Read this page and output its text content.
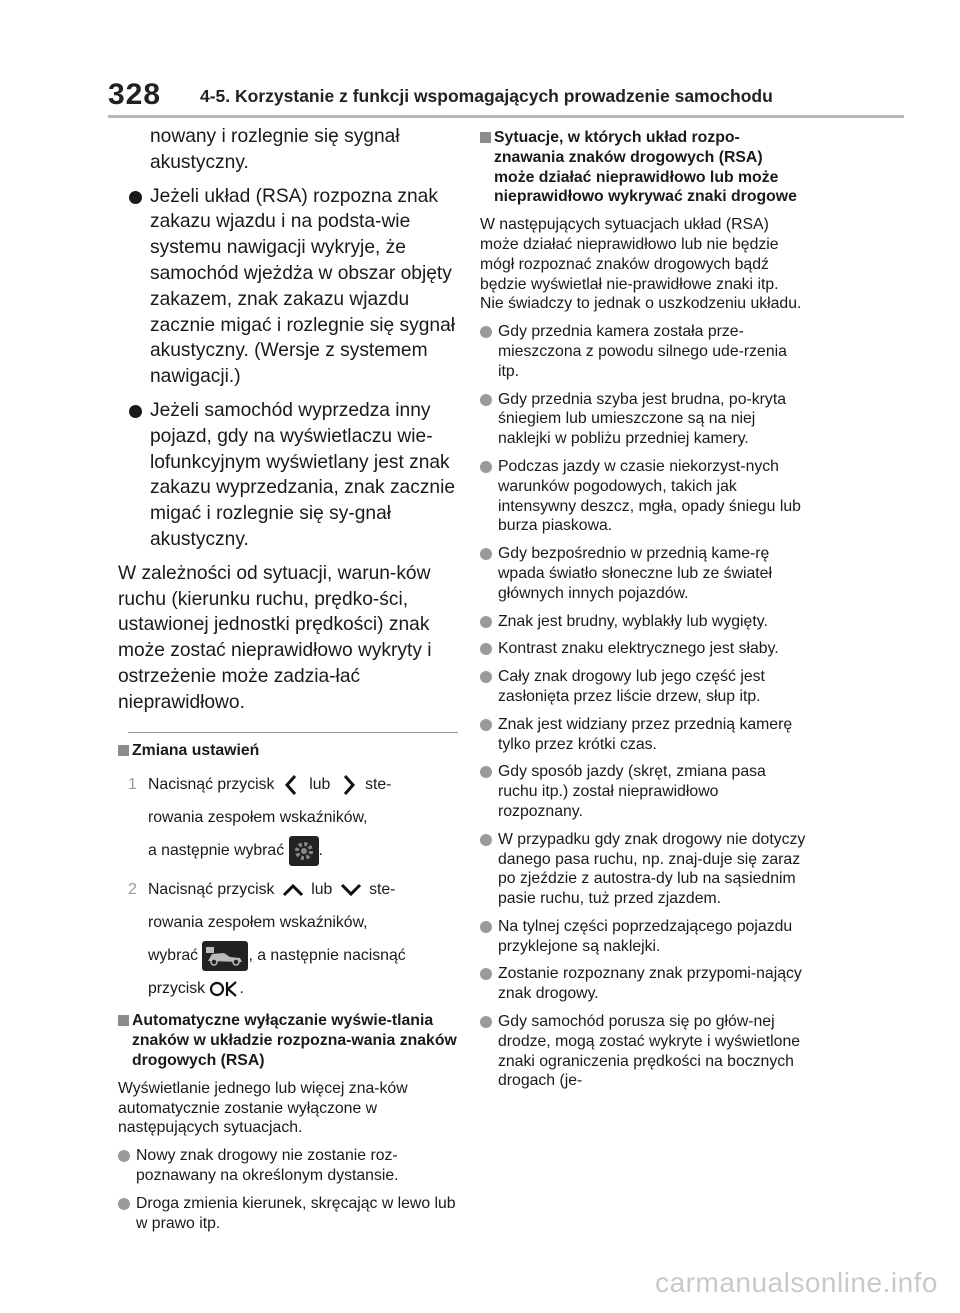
328 4-5. Korzystanie z funkcji wspomagających prowadzenie samochodu

nowany i rozlegnie się sygnał akustyczny.

Jeżeli układ (RSA) rozpozna znak zakazu wjazdu i na podsta-wie systemu nawigacji wykryje, że samochód wjeżdża w obszar objęty zakazem, znak zakazu wjazdu zacznie migać i rozlegnie się sygnał akustyczny. (Wersje z systemem nawigacji.)
Jeżeli samochód wyprzedza inny pojazd, gdy na wyświetlaczu wie-lofunkcyjnym wyświetlany jest znak zakazu wyprzedzania, znak zacznie migać i rozlegnie się sy-gnał akustyczny.

W zależności od sytuacji, warun-ków ruchu (kierunku ruchu, prędko-ści, ustawionej jednostki prędkości) znak może zostać nieprawidłowo wykryty i ostrzeżenie może zadzia-łać nieprawidłowo.

Zmiana ustawień
1 Nacisnąć przycisk lub ste-
rowania zespołem wskaźników,
a następnie wybrać .
2 Nacisnąć przycisk lub ste-
rowania zespołem wskaźników,
wybrać	, a następnie nacisnąć
przycisk .
Automatyczne wyłączanie wyświe-tlania znaków w układzie rozpozna-wania znaków drogowych (RSA)

Wyświetlanie jednego lub więcej zna-ków automatycznie zostanie wyłączone w następujących sytuacjach.

Nowy znak drogowy nie zostanie roz-poznawany na określonym dystansie.
Droga zmienia kierunek, skręcając w lewo lub w prawo itp.
Sytuacje, w których układ rozpo-znawania znaków drogowych (RSA) może działać nieprawidłowo lub może nieprawidłowo wykrywać znaki drogowe

W następujących sytuacjach układ (RSA) może działać nieprawidłowo lub nie będzie mógł rozpoznać znaków drogowych bądź będzie wyświetlał nie-prawidłowe znaki itp. Nie świadczy to jednak o uszkodzeniu układu.

Gdy przednia kamera została prze-mieszczona z powodu silnego ude-rzenia itp.
Gdy przednia szyba jest brudna, po-kryta śniegiem lub umieszczone są na niej naklejki w pobliżu przedniej kamery.
Podczas jazdy w czasie niekorzyst-nych warunków pogodowych, takich jak intensywny deszcz, mgła, opady śniegu lub burza piaskowa.
Gdy bezpośrednio w przednią kame-rę wpada światło słoneczne lub ze świateł głównych innych pojazdów.
Znak jest brudny, wyblakły lub wygięty.
Kontrast znaku elektrycznego jest słaby.
Cały znak drogowy lub jego część jest zasłonięta przez liście drzew, słup itp.
Znak jest widziany przez przednią kamerę tylko przez krótki czas.
Gdy sposób jazdy (skręt, zmiana pasa ruchu itp.) został nieprawidłowo rozpoznany.
W przypadku gdy znak drogowy nie dotyczy danego pasa ruchu, np. znaj-duje się zaraz po zjeździe z autostra-dy lub na sąsiednim pasie ruchu, tuż przed zjazdem.
Na tylnej części poprzedzającego pojazdu przyklejone są naklejki.
Zostanie rozpoznany znak przypomi-nający znak drogowy.
Gdy samochód porusza się po głów-nej drodze, mogą zostać wykryte i wyświetlone znaki ograniczenia prędkości na bocznych drogach (je-
carmanualsonline.info
